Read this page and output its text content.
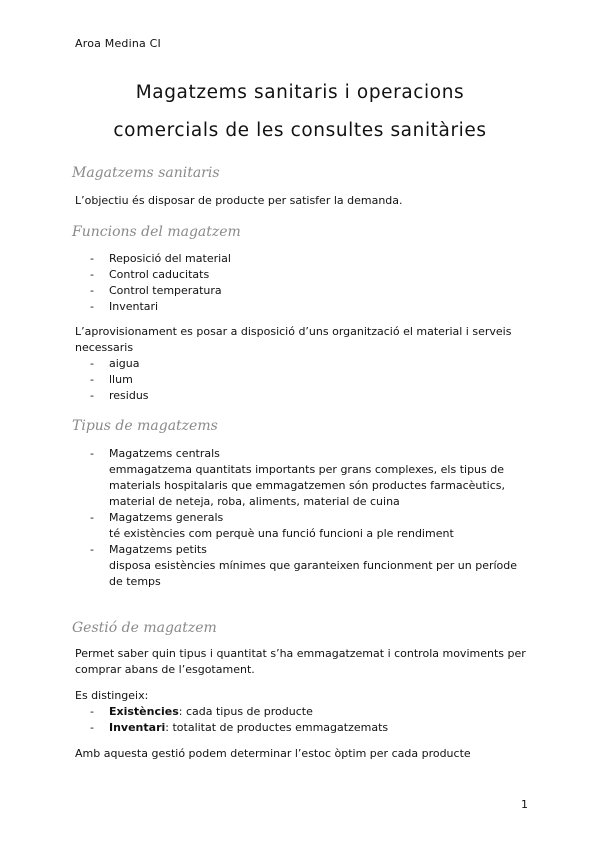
Aroa Medina CI
Magatzems sanitaris i operacions
comercials de les consultes sanitàries
Magatzems sanitaris

L’objectiu és disposar de producte per satisfer la demanda.

Funcions del magatzem
- Reposició del material
- Control caducitats
- Control temperatura
- Inventari

L’aprovisionament es posar a disposició d’uns organització el material i serveis necessaris

- aigua
- llum
- residus
Tipus de magatzems
- Magatzems centrals
emmagatzema quantitats importants per grans complexes, els tipus de materials hospitalaris que emmagatzemen són productes farmacèutics, material de neteja, roba, aliments, material de cuina
- Magatzems generals
té existències com perquè una funció funcioni a ple rendiment
- Magatzems petits
disposa esistències mínimes que garanteixen funcionment per un període de temps
Gestió de magatzem

Permet saber quin tipus i quantitat s’ha emmagatzemat i controla moviments per comprar abans de l’esgotament.

Es distingeix:

- Existències: cada tipus de producte
- Inventari: totalitat de productes emmagatzemats

Amb aquesta gestió podem determinar l’estoc òptim per cada producte

1
